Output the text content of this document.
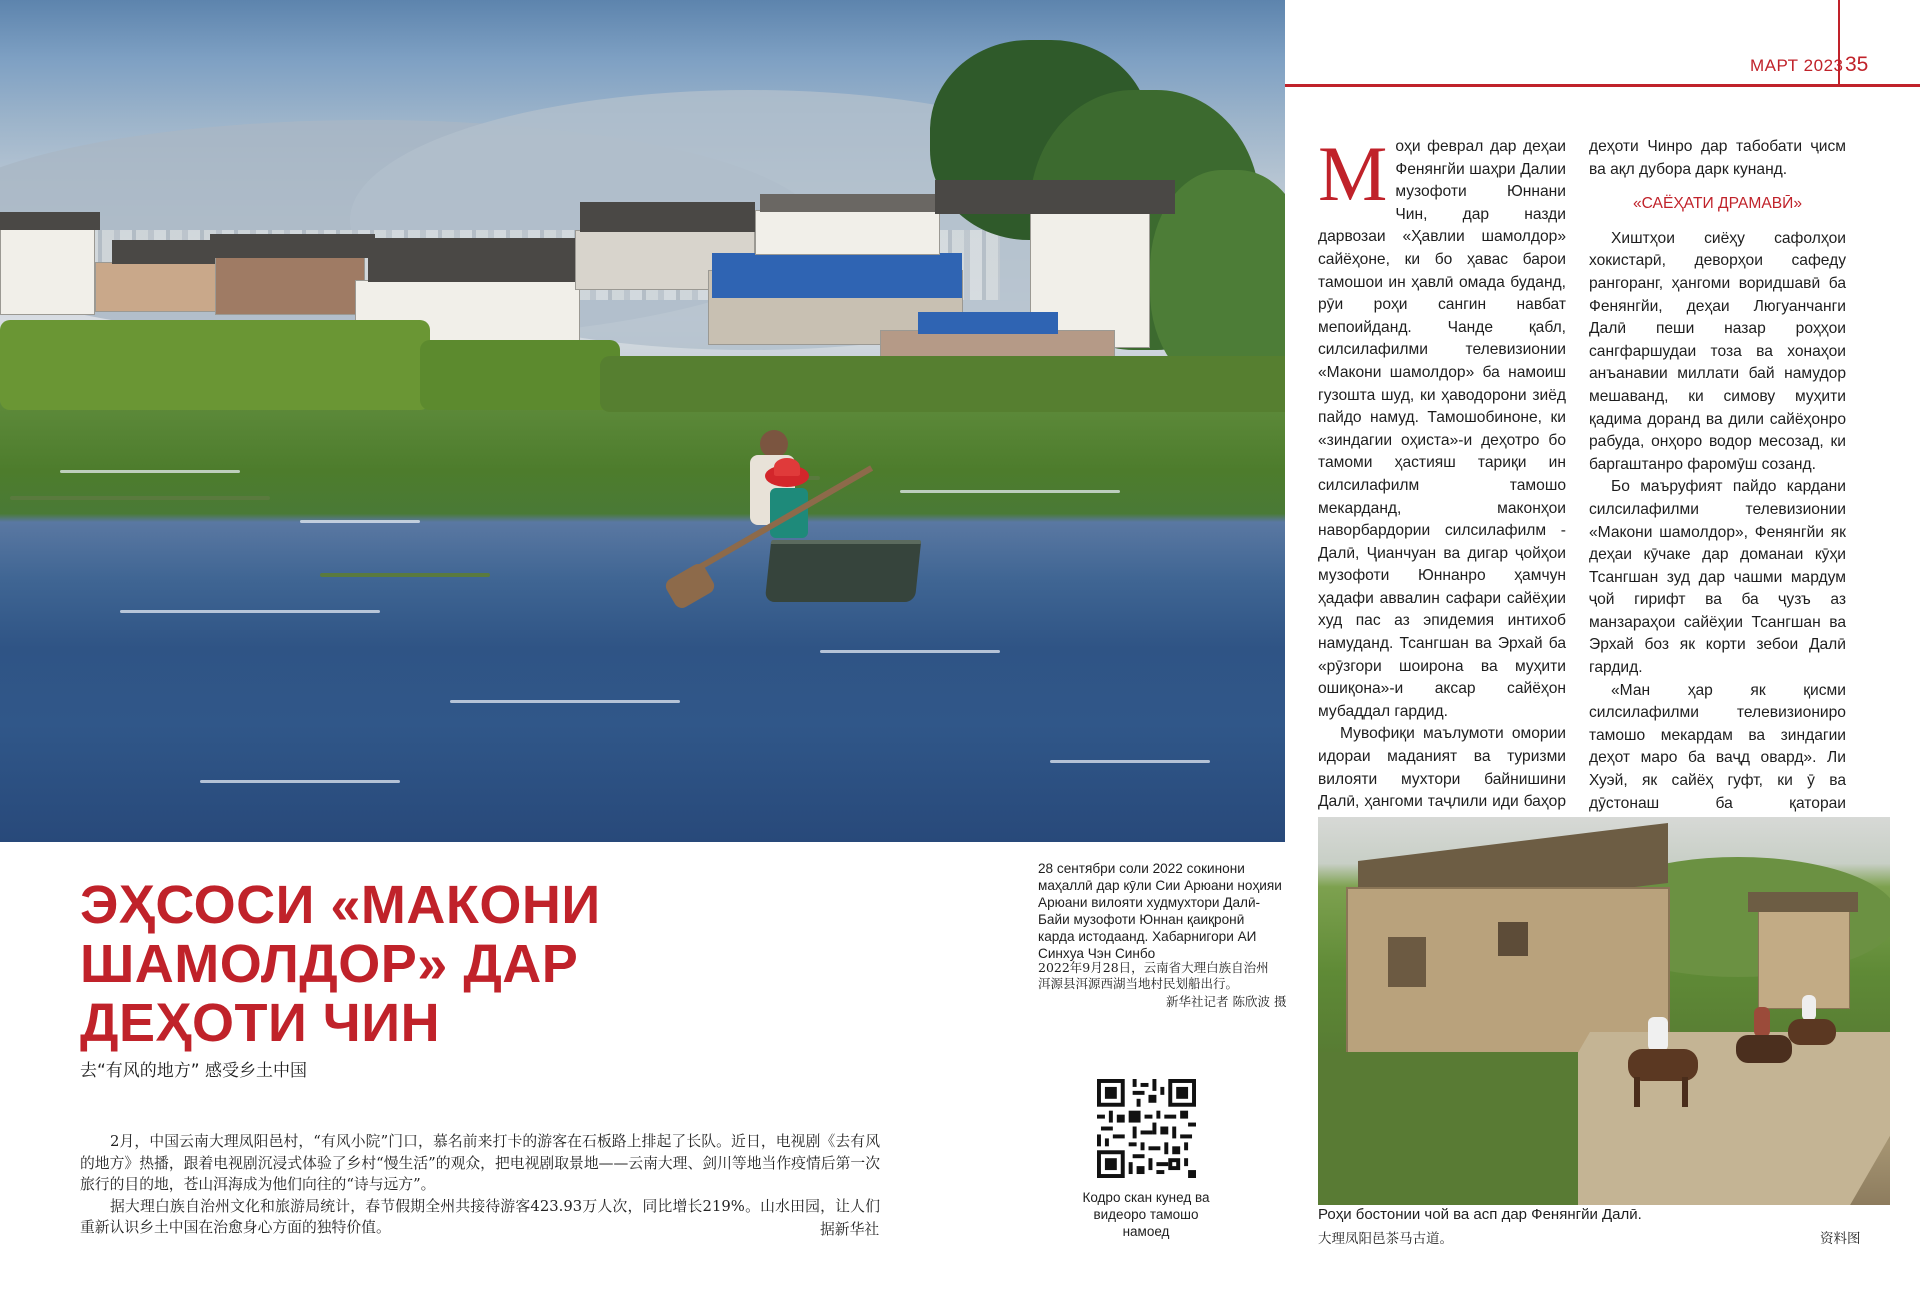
МАРТ 2023 35

Моҳи феврал дар деҳаи Фенянгйи шаҳри Далии музофоти Юннани Чин, дар назди дарвозаи «Ҳавлии шамолдор» сайёҳоне, ки бо ҳавас барои тамошои ин ҳавлӣ омада буданд, рӯи роҳи сангин навбат мепоийданд. Чанде қабл, силсилафилми телевизионии «Макони шамолдор» ба намоиш гузошта шуд, ки ҳаводорони зиёд пайдо намуд. Тамошобиноне, ки «зиндагии оҳиста»-и деҳотро бо тамоми ҳастияш тариқи ин силсилафилм тамошо мекарданд, маконҳои наворбардории силсилафилм - Далӣ, Ҷианчуан ва дигар ҷойҳои музофоти Юннанро ҳамчун ҳадафи аввалин сафари сайёҳии худ пас аз эпидемия интихоб намуданд. Тсангшан ва Эрхай ба «рӯзгори шоирона ва муҳити ошиқона»-и аксар сайёҳон мубаддал гардид.

Мувофиқи маълумоти омории идораи маданият ва туризми вилояти мухтори байнишини Далӣ, ҳангоми таҷлили иди баҳор

деҳоти Чинро дар табобати ҷисм ва ақл дубора дарк кунанд.

«САЁҲАТИ ДРАМАВӢ»

Хиштҳои сиёҳу сафолҳои хокистарӣ, деворҳои сафеду рангоранг, ҳангоми воридшавӣ ба Фенянгйи, деҳаи Люгуанчанги Далӣ пеши назар роҳҳои сангфаршудаи тоза ва хонаҳои анъанавии миллати бай намудор мешаванд, ки симову муҳити қадима доранд ва дили сайёҳонро рабуда, онҳоро водор месозад, ки баргаштанро фаромӯш созанд.

Бо маъруфият пайдо кардани силсилафилми телевизионии «Макони шамолдор», Фенянгйи як деҳаи кӯчаке дар доманаи кӯҳи Тсангшан зуд дар чашми мардум ҷой гирифт ва ба ҷузъ аз манзараҳои сайёҳии Тсангшан ва Эрхай боз як корти зебои Далӣ гардид.

«Ман ҳар як қисми силсилафилми телевизиониро тамошо мекардам ва зиндагии деҳот маро ба ваҷд овард». Ли Хуэй, як сайёҳ гуфт, ки ӯ ва дӯстонаш ба қатораи

Роҳи бостонии чой ва асп дар Фенянгйи Далӣ.
大理凤阳邑茶马古道。	资料图
ЭҲСОСИ «МАКОНИ ШАМОЛДОР» ДАР ДЕҲОТИ ЧИН
去“有风的地方” 感受乡土中国
28 сентябри соли 2022 сокинони маҳаллӣ дар кӯли Сии Арюани ноҳияи Арюани вилояти худмухтори Далӣ-Байи музофоти Юннан қаиқронӣ карда истодаанд. Хабарнигори АИ Синхуа Чэн Синбо
2022年9月28日，云南省大理白族自治州洱源县洱源西湖当地村民划船出行。
新华社记者 陈欣波 摄

2月，中国云南大理凤阳邑村，“有风小院”门口，慕名前来打卡的游客在石板路上排起了长队。近日，电视剧《去有风的地方》热播，跟着电视剧沉浸式体验了乡村“慢生活”的观众，把电视剧取景地——云南大理、剑川等地当作疫情后第一次旅行的目的地，苍山洱海成为他们向往的“诗与远方”。

据大理白族自治州文化和旅游局统计，春节假期全州共接待游客423.93万人次，同比增长219%。山水田园，让人们重新认识乡土中国在治愈身心方面的独特价值。	据新华社
Кодро скан кунед ва видеоро тамошо намоед
